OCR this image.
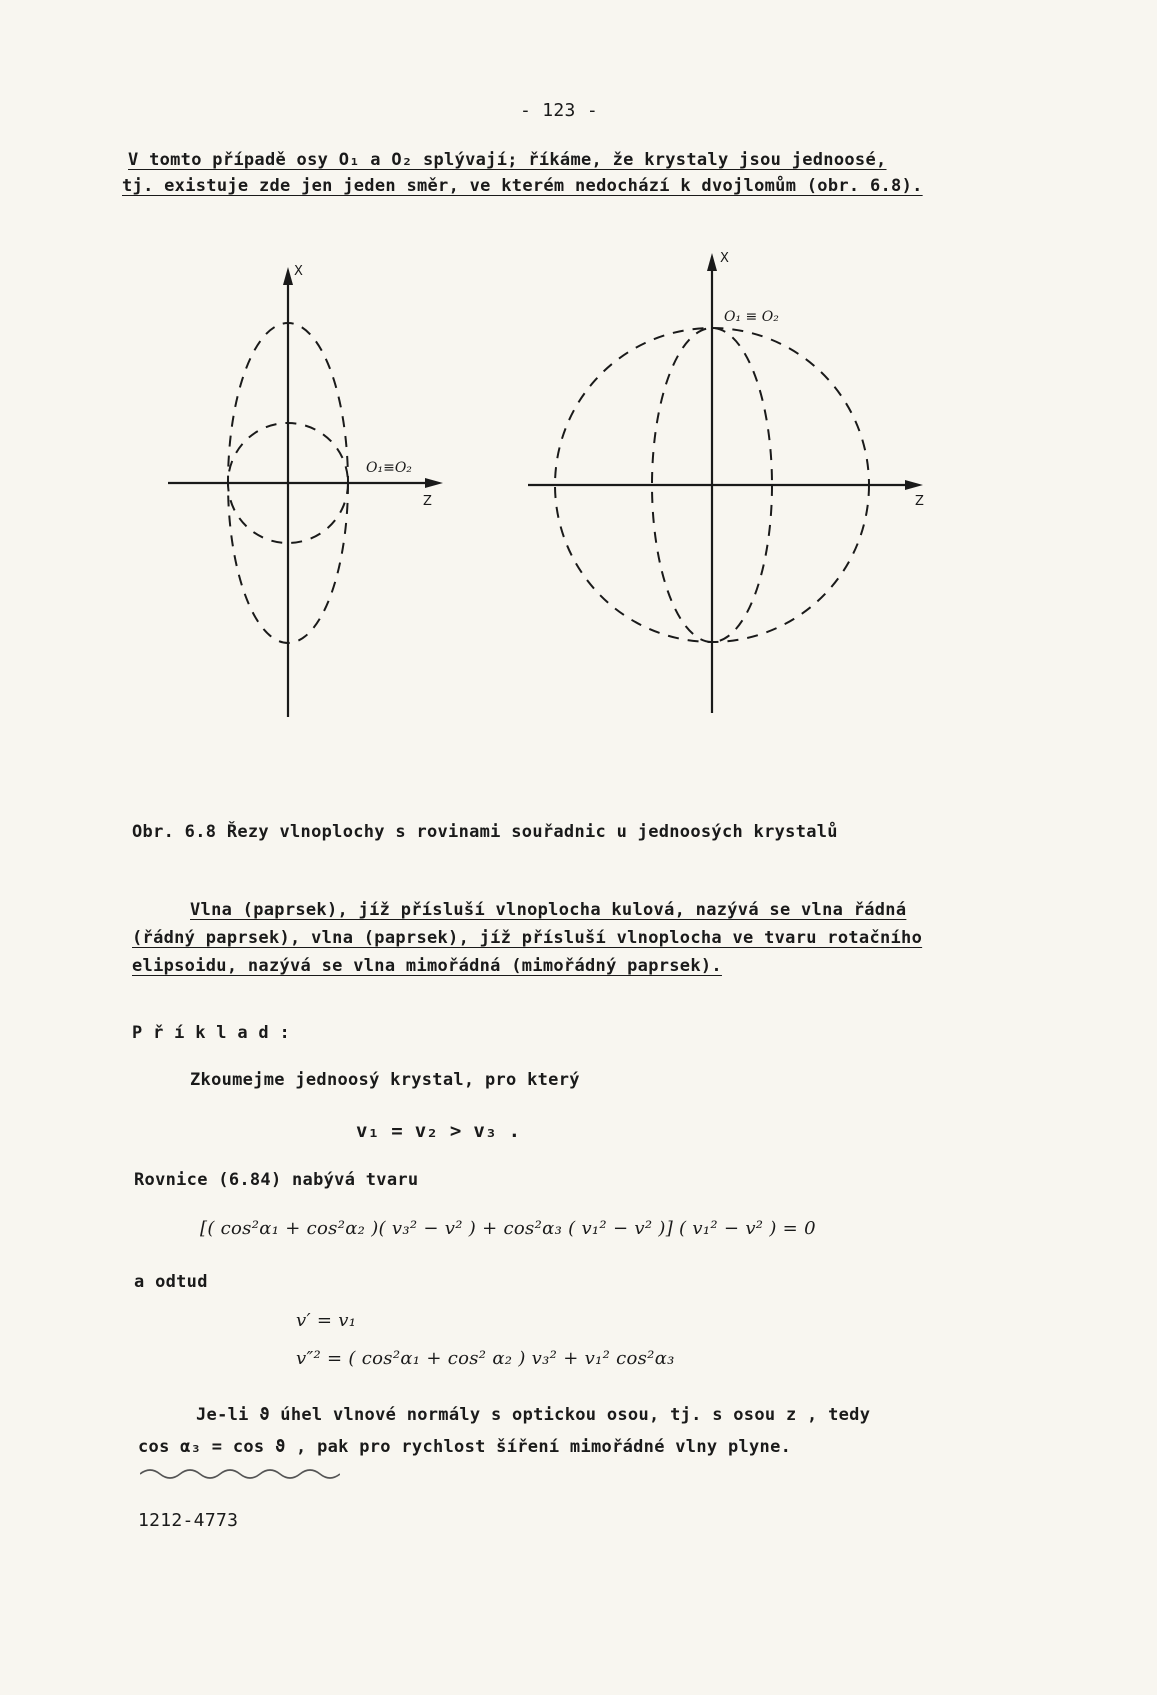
- 123 -
V tomto případě osy O₁ a O₂ splývají; říkáme, že krystaly jsou jednoosé,
tj. existuje zde jen jeden směr, ve kterém nedochází k dvojlomům (obr. 6.8).
X
Z
O₁≡O₂
X
Z
O₁ ≡ O₂
Obr. 6.8 Řezy vlnoplochy s rovinami souřadnic u jednoosých krystalů
Vlna (paprsek), jíž přísluší vlnoplocha kulová, nazývá se vlna řádná
(řádný paprsek), vlna (paprsek), jíž přísluší vlnoplocha ve tvaru rotačního
elipsoidu, nazývá se vlna mimořádná (mimořádný paprsek).
P ř í k l a d :
Zkoumejme jednoosý krystal, pro který
v₁ = v₂ > v₃ .
Rovnice (6.84) nabývá tvaru
[( cos²α₁ + cos²α₂ )( v₃² − v² ) + cos²α₃ ( v₁² − v² )] ( v₁² − v² ) = 0
a odtud
v′ = v₁
v″² = ( cos²α₁ + cos² α₂ ) v₃² + v₁² cos²α₃
Je-li ϑ úhel vlnové normály s optickou osou, tj. s osou z , tedy
cos α₃ = cos ϑ , pak pro rychlost šíření mimořádné vlny plyne.
1212-4773
